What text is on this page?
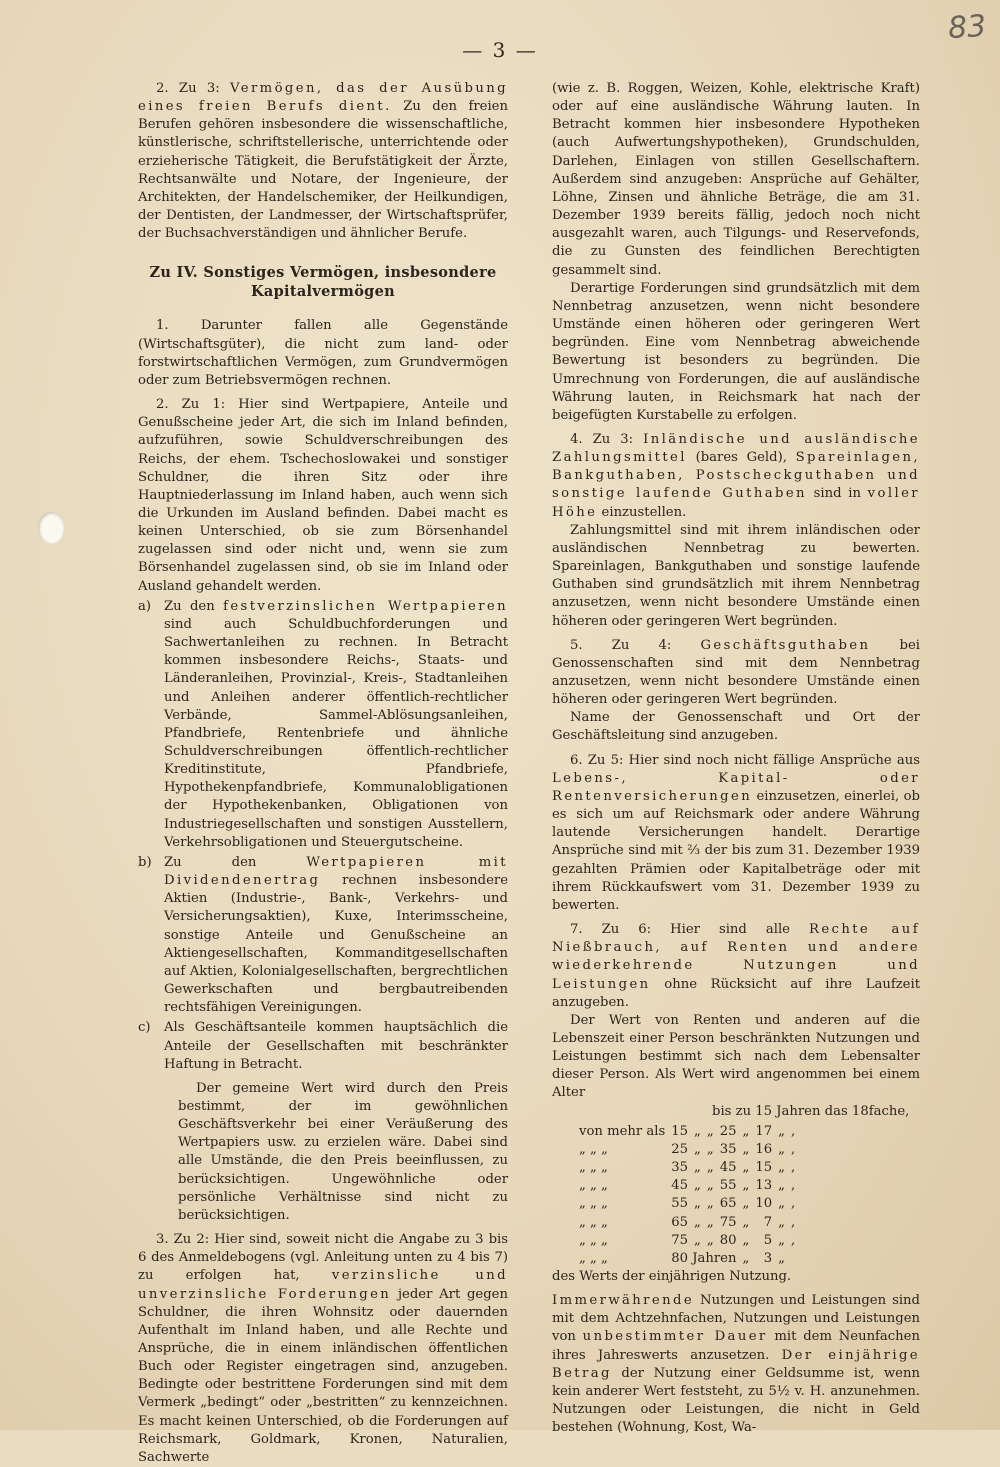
— 3 —
83

2. Zu 3: Vermögen, das der Ausübung eines freien Berufs dient. Zu den freien Berufen gehören insbesondere die wissenschaftliche, künstlerische, schriftstellerische, unterrichtende oder erzieherische Tätigkeit, die Berufstätigkeit der Ärzte, Rechtsanwälte und Notare, der Ingenieure, der Architekten, der Handelschemiker, der Heilkundigen, der Dentisten, der Landmesser, der Wirtschaftsprüfer, der Buchsachverständigen und ähnlicher Berufe.

Zu IV. Sonstiges Vermögen, insbesondere
Kapitalvermögen

1. Darunter fallen alle Gegenstände (Wirtschaftsgüter), die nicht zum land- oder forstwirtschaftlichen Vermögen, zum Grundvermögen oder zum Betriebsvermögen rechnen.

2. Zu 1: Hier sind Wertpapiere, Anteile und Genußscheine jeder Art, die sich im Inland befinden, aufzuführen, sowie Schuldverschreibungen des Reichs, der ehem. Tschechoslowakei und sonstiger Schuldner, die ihren Sitz oder ihre Hauptniederlassung im Inland haben, auch wenn sich die Urkunden im Ausland befinden. Dabei macht es keinen Unterschied, ob sie zum Börsenhandel zugelassen sind oder nicht und, wenn sie zum Börsenhandel zugelassen sind, ob sie im Inland oder Ausland gehandelt werden.

a) Zu den festverzinslichen Wertpapieren sind auch Schuldbuchforderungen und Sachwertanleihen zu rechnen. In Betracht kommen insbesondere Reichs-, Staats- und Länderanleihen, Provinzial-, Kreis-, Stadtanleihen und Anleihen anderer öffentlich-rechtlicher Verbände, Sammel-Ablösungsanleihen, Pfandbriefe, Rentenbriefe und ähnliche Schuldverschreibungen öffentlich-rechtlicher Kreditinstitute, Pfandbriefe, Hypothekenpfandbriefe, Kommunalobligationen der Hypothekenbanken, Obligationen von Industriegesellschaften und sonstigen Ausstellern, Verkehrsobligationen und Steuergutscheine.
b) Zu den	Wertpapieren mit Dividendenertrag rechnen insbesondere Aktien (Industrie-, Bank-, Verkehrs- und Versicherungsaktien), Kuxe, Interimsscheine, sonstige Anteile und Genußscheine an Aktiengesellschaften, Kommanditgesellschaften auf Aktien, Kolonialgesellschaften, bergrechtlichen Gewerkschaften und bergbautreibenden rechtsfähigen Vereinigungen.
c)	Als Geschäftsanteile kommen hauptsächlich die Anteile der Gesellschaften mit beschränkter Haftung in Betracht.

Der gemeine Wert wird durch den Preis bestimmt, der im gewöhnlichen Geschäftsverkehr bei einer Veräußerung des Wertpapiers usw. zu erzielen wäre. Dabei sind alle Umstände, die den Preis beeinflussen, zu berücksichtigen. Ungewöhnliche oder persönliche Verhältnisse sind nicht zu berücksichtigen.

3. Zu 2: Hier sind, soweit nicht die Angabe zu 3 bis 6 des Anmeldebogens (vgl. Anleitung unten zu 4 bis 7) zu erfolgen hat, verzinsliche und unverzinsliche Forderungen jeder Art gegen Schuldner, die ihren Wohnsitz oder dauernden Aufenthalt im Inland haben, und alle Rechte und Ansprüche, die in einem inländischen öffentlichen Buch oder Register eingetragen sind, anzugeben. Bedingte oder bestrittene Forderungen sind mit dem Vermerk „bedingt“ oder „bestritten“ zu kennzeichnen. Es macht keinen Unterschied, ob die Forderungen auf Reichsmark, Goldmark, Kronen, Naturalien, Sachwerte

(wie z. B. Roggen, Weizen, Kohle, elektrische Kraft) oder auf eine ausländische Währung lauten. In Betracht kommen hier insbesondere Hypotheken (auch Aufwertungshypotheken), Grundschulden, Darlehen, Einlagen von stillen Gesellschaftern. Außerdem sind anzugeben: Ansprüche auf Gehälter, Löhne, Zinsen und ähnliche Beträge, die am 31. Dezember 1939 bereits fällig, jedoch noch nicht ausgezahlt waren, auch Tilgungs- und Reservefonds, die zu Gunsten des feindlichen Berechtigten gesammelt sind.

Derartige Forderungen sind grundsätzlich mit dem Nennbetrag anzusetzen, wenn nicht besondere Umstände einen höheren oder geringeren Wert begründen. Eine vom Nennbetrag abweichende Bewertung ist besonders zu begründen. Die Umrechnung von Forderungen, die auf ausländische Währung lauten, in Reichsmark hat nach der beigefügten Kurstabelle zu erfolgen.

4. Zu 3: Inländische und ausländische Zahlungsmittel (bares Geld), Spareinlagen, Bankguthaben, Postscheckguthaben und sonstige laufende Guthaben sind in voller Höhe einzustellen.

Zahlungsmittel sind mit ihrem inländischen oder ausländischen Nennbetrag zu bewerten. Spareinlagen, Bankguthaben und sonstige laufende Guthaben sind grundsätzlich mit ihrem Nennbetrag anzusetzen, wenn nicht besondere Umstände einen höheren oder geringeren Wert begründen.

5. Zu 4: Geschäftsguthaben bei Genossenschaften sind mit dem Nennbetrag anzusetzen, wenn nicht besondere Umstände einen höheren oder geringeren Wert begründen.

Name der Genossenschaft und Ort der Geschäftsleitung sind anzugeben.

6. Zu 5: Hier sind noch nicht fällige Ansprüche aus Lebens-, Kapital- oder Rentenversicherungen einzusetzen, einerlei, ob es sich um auf Reichsmark oder andere Währung lautende Versicherungen handelt. Derartige Ansprüche sind mit ⅔ der bis zum 31. Dezember 1939 gezahlten Prämien oder Kapitalbeträge oder mit ihrem Rückkaufswert vom 31. Dezember 1939 zu bewerten.

7. Zu 6: Hier sind alle Rechte auf Nießbrauch, auf Renten und andere wiederkehrende Nutzungen und Leistungen ohne Rücksicht auf ihre Laufzeit anzugeben.

Der Wert von Renten und anderen auf die Lebenszeit einer Person beschränkten Nutzungen und Leistungen bestimmt sich nach dem Lebensalter dieser Person. Als Wert wird angenommen bei einem Alter

bis zu 15 Jahren das 18fache,
von mehr als	15	„	„	25	„	17	„	,
„ „ „	25	„	„	35	„	16	„	,
„ „ „	35	„	„	45	„	15	„	,
„ „ „	45	„	„	55	„	13	„	,
„ „ „	55	„	„	65	„	10	„	,
„ „ „	65	„	„	75	„	7	„	,
„ „ „	75	„	„	80	„	5	„	,
„ „ „	80 Jahren				„	3	„	

des Werts der einjährigen Nutzung.

Immerwährende Nutzungen und Leistungen sind mit dem Achtzehnfachen, Nutzungen und Leistungen von unbestimmter Dauer mit dem Neunfachen ihres Jahreswerts anzusetzen. Der einjährige Betrag der Nutzung einer Geldsumme ist, wenn kein anderer Wert feststeht, zu 5½ v. H. anzunehmen. Nutzungen oder Leistungen, die nicht in Geld bestehen (Wohnung, Kost, Wa-
